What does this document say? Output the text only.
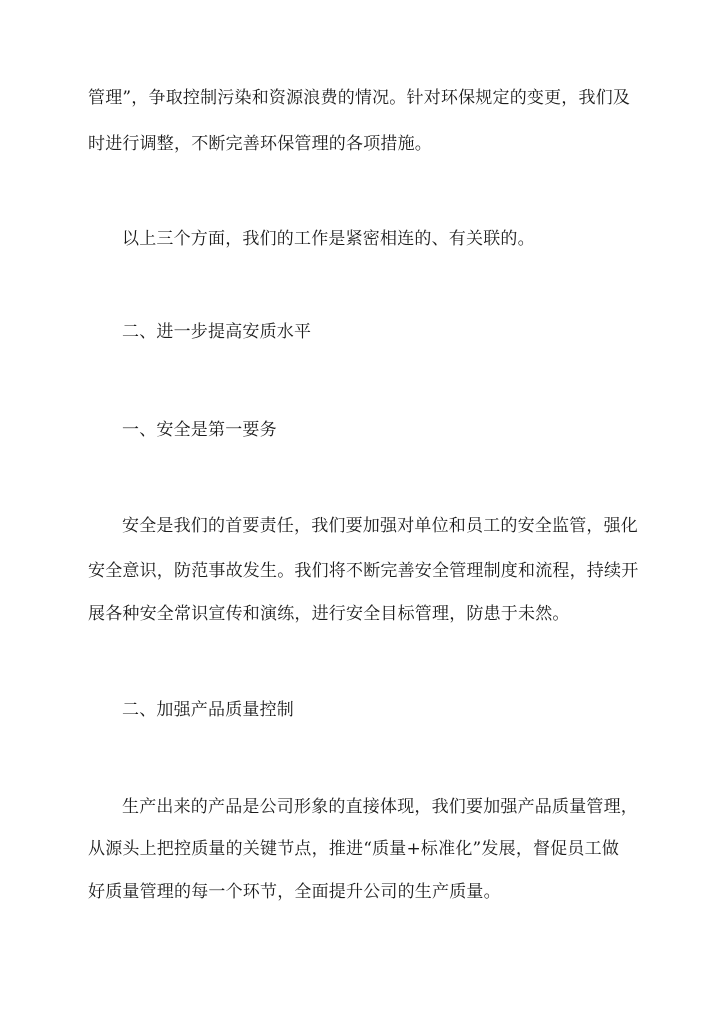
管理”，争取控制污染和资源浪费的情况。针对环保规定的变更，我们及

时进行调整，不断完善环保管理的各项措施。

以上三个方面，我们的工作是紧密相连的、有关联的。

二、进一步提高安质水平
一、安全是第一要务

安全是我们的首要责任，我们要加强对单位和员工的安全监管，强化

安全意识，防范事故发生。我们将不断完善安全管理制度和流程，持续开

展各种安全常识宣传和演练，进行安全目标管理，防患于未然。

二、加强产品质量控制

生产出来的产品是公司形象的直接体现，我们要加强产品质量管理，

从源头上把控质量的关键节点，推进“质量+标准化”发展，督促员工做

好质量管理的每一个环节，全面提升公司的生产质量。
